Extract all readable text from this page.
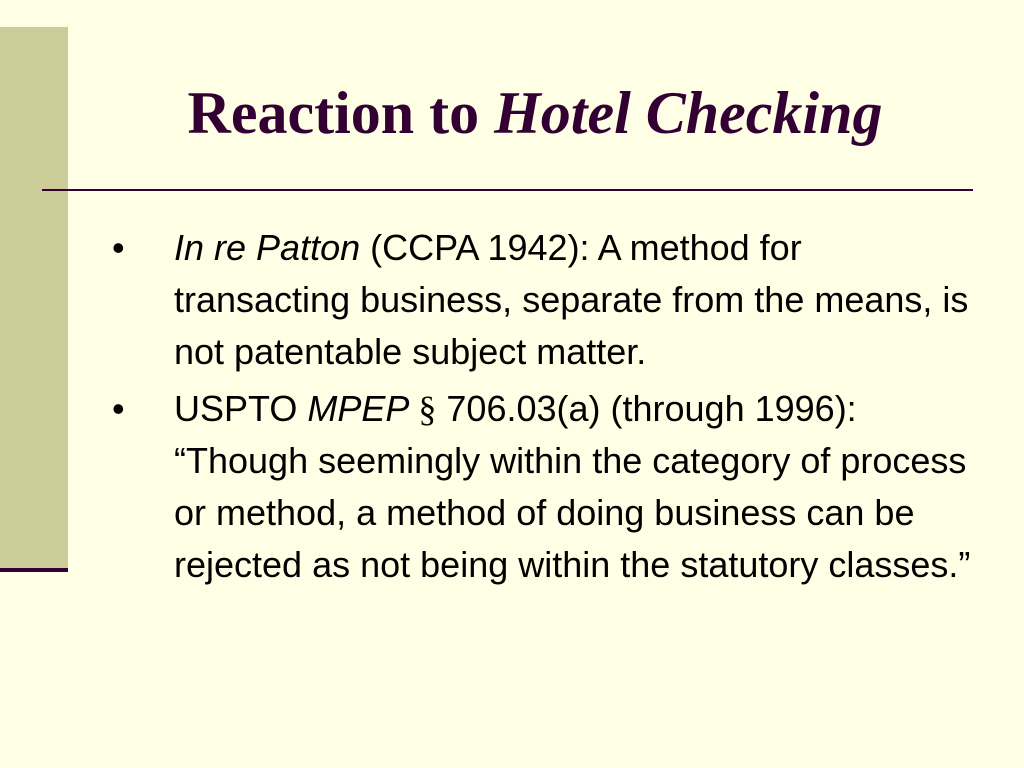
Reaction to Hotel Checking
• In re Patton (CCPA 1942): A method for transacting business, separate from the means, is not patentable subject matter.
• USPTO MPEP § 706.03(a) (through 1996): “Though seemingly within the category of process or method, a method of doing business can be rejected as not being within the statutory classes.”
